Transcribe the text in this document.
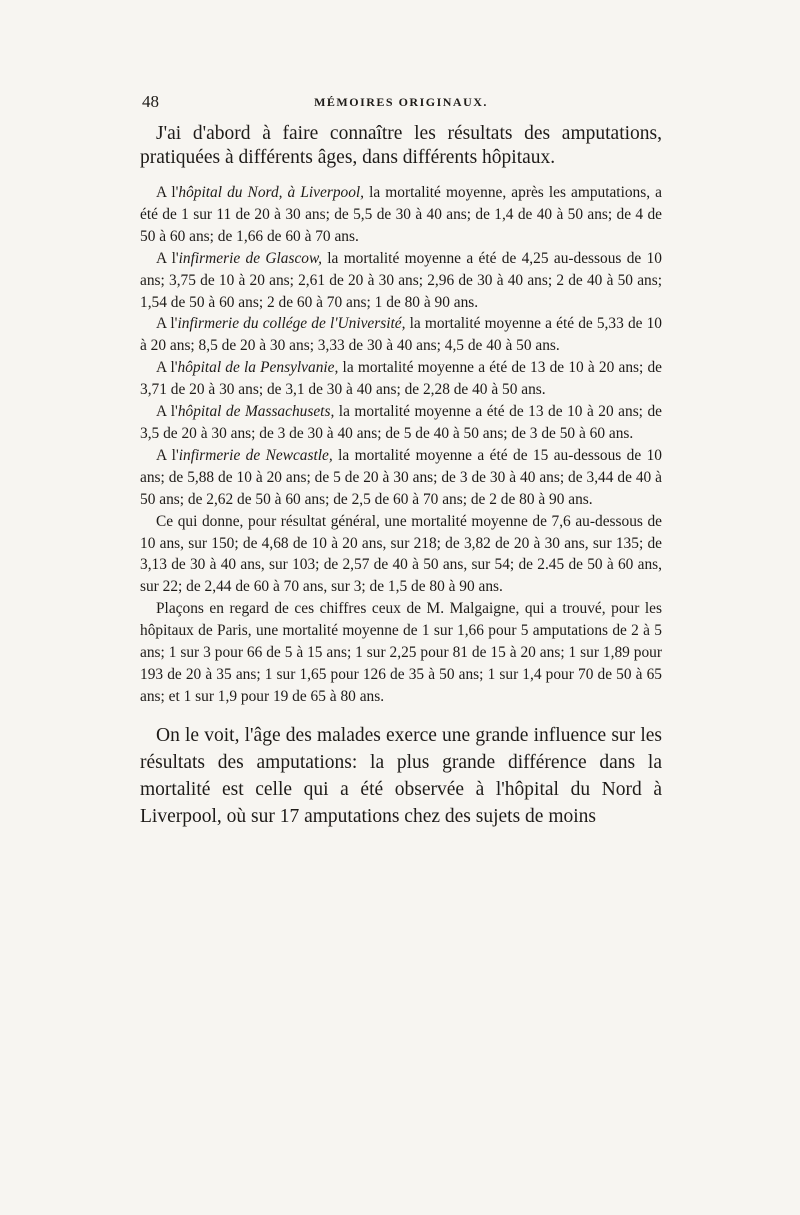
48	MÉMOIRES ORIGINAUX.

J'ai d'abord à faire connaître les résultats des amputations, pratiquées à différents âges, dans différents hôpitaux.

A l'hôpital du Nord, à Liverpool, la mortalité moyenne, après les amputations, a été de 1 sur 11 de 20 à 30 ans; de 5,5 de 30 à 40 ans; de 1,4 de 40 à 50 ans; de 4 de 50 à 60 ans; de 1,66 de 60 à 70 ans.

A l'infirmerie de Glascow, la mortalité moyenne a été de 4,25 au-dessous de 10 ans; 3,75 de 10 à 20 ans; 2,61 de 20 à 30 ans; 2,96 de 30 à 40 ans; 2 de 40 à 50 ans; 1,54 de 50 à 60 ans; 2 de 60 à 70 ans; 1 de 80 à 90 ans.

A l'infirmerie du collége de l'Université, la mortalité moyenne a été de 5,33 de 10 à 20 ans; 8,5 de 20 à 30 ans; 3,33 de 30 à 40 ans; 4,5 de 40 à 50 ans.

A l'hôpital de la Pensylvanie, la mortalité moyenne a été de 13 de 10 à 20 ans; de 3,71 de 20 à 30 ans; de 3,1 de 30 à 40 ans; de 2,28 de 40 à 50 ans.

A l'hôpital de Massachusets, la mortalité moyenne a été de 13 de 10 à 20 ans; de 3,5 de 20 à 30 ans; de 3 de 30 à 40 ans; de 5 de 40 à 50 ans; de 3 de 50 à 60 ans.

A l'infirmerie de Newcastle, la mortalité moyenne a été de 15 au-dessous de 10 ans; de 5,88 de 10 à 20 ans; de 5 de 20 à 30 ans; de 3 de 30 à 40 ans; de 3,44 de 40 à 50 ans; de 2,62 de 50 à 60 ans; de 2,5 de 60 à 70 ans; de 2 de 80 à 90 ans.

Ce qui donne, pour résultat général, une mortalité moyenne de 7,6 au-dessous de 10 ans, sur 150; de 4,68 de 10 à 20 ans, sur 218; de 3,82 de 20 à 30 ans, sur 135; de 3,13 de 30 à 40 ans, sur 103; de 2,57 de 40 à 50 ans, sur 54; de 2.45 de 50 à 60 ans, sur 22; de 2,44 de 60 à 70 ans, sur 3; de 1,5 de 80 à 90 ans.

Plaçons en regard de ces chiffres ceux de M. Malgaigne, qui a trouvé, pour les hôpitaux de Paris, une mortalité moyenne de 1 sur 1,66 pour 5 amputations de 2 à 5 ans; 1 sur 3 pour 66 de 5 à 15 ans; 1 sur 2,25 pour 81 de 15 à 20 ans; 1 sur 1,89 pour 193 de 20 à 35 ans; 1 sur 1,65 pour 126 de 35 à 50 ans; 1 sur 1,4 pour 70 de 50 à 65 ans; et 1 sur 1,9 pour 19 de 65 à 80 ans.

On le voit, l'âge des malades exerce une grande influence sur les résultats des amputations: la plus grande différence dans la mortalité est celle qui a été observée à l'hôpital du Nord à Liverpool, où sur 17 amputations chez des sujets de moins
